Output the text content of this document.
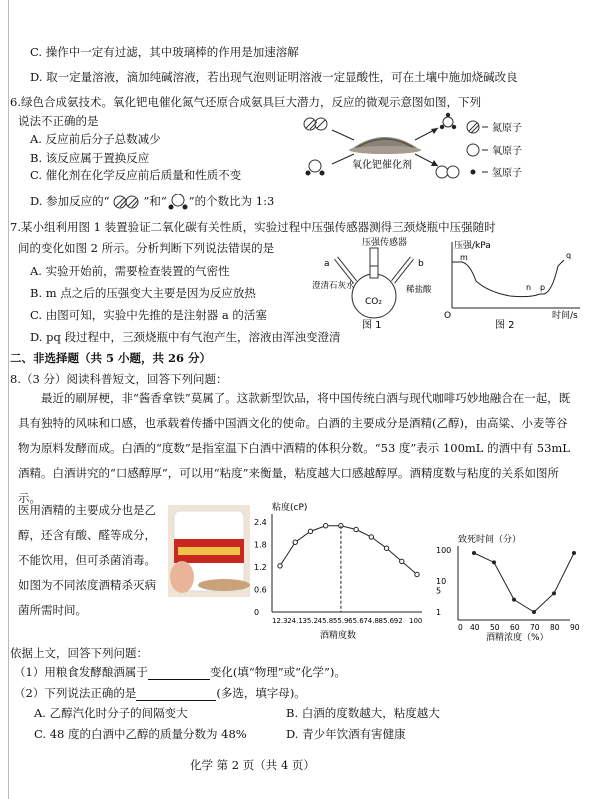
C. 操作中一定有过滤，其中玻璃棒的作用是加速溶解
D. 取一定量溶液，滴加纯碱溶液，若出现气泡则证明溶液一定显酸性，可在土壤中施加烧碱改良
6.绿色合成氨技术。氧化钯电催化氮气还原合成氨具巨大潜力，反应的微观示意图如图，下列
说法不正确的是
A. 反应前后分子总数减少
B. 该反应属于置换反应
C. 催化剂在化学反应前后质量和性质不变
D. 参加反应的“	”和“ ”的个数比为 1:3
氧化钯催化剂
氮原子
氧原子
氢原子
7.某小组利用图 1 装置验证二氧化碳有关性质，实验过程中压强传感器测得三颈烧瓶中压强随时
间的变化如图 2 所示。分析判断下列说法错误的是
A. 实验开始前，需要检查装置的气密性
B. m 点之后的压强变大主要是因为反应放热
C. 由图可知，实验中先推的是注射器 a 的活塞
D. pq 段过程中，三颈烧瓶中有气泡产生，溶液由浑浊变澄清
压强传感器
a	b
澄清石灰水	稀盐酸
CO₂
图 1
压强/kPa
时间/s
O
m
n p
q
图 2
二、非选择题（共 5 小题，共 26 分）
8.（3 分）阅读科普短文，回答下列问题：
最近的刷屏梗，非“酱香拿铁”莫属了。这款新型饮品，将中国传统白酒与现代咖啡巧妙地融合在一起，既具有独特的风味和口感，也承载着传播中国酒文化的使命。白酒的主要成分是酒精(乙醇)，由高粱、小麦等谷物为原料发酵而成。白酒的“度数”是指室温下白酒中酒精的体积分数。“53 度”表示 100mL 的酒中有 53mL 酒精。白酒讲究的“口感醇厚”，可以用“粘度”来衡量，粘度越大口感越醇厚。酒精度数与粘度的关系如图所示。
医用酒精的主要成分也是乙醇，还含有酸、醛等成分，不能饮用，但可杀菌消毒。如图为不同浓度酒精杀灭病菌所需时间。
粘度(cP)
2.4
1.8
1.2
0.6
0
12.3 24.1 35.2 45.8 55.9 65.6 74.8 85.6 92 100
酒精度数
致死时间（分）
100
10
5
1
0 40 50 60 70 80 90
酒精浓度（%）
依据上文，回答下列问题：
（1）用粮食发酵酿酒属于	变化(填“物理”或“化学”)。
（2）下列说法正确的是	(多选，填字母)。
A. 乙醇汽化时分子的间隔变大	B. 白酒的度数越大，粘度越大
C. 48 度的白酒中乙醇的质量分数为 48%	D. 青少年饮酒有害健康
化学 第 2 页（共 4 页）
